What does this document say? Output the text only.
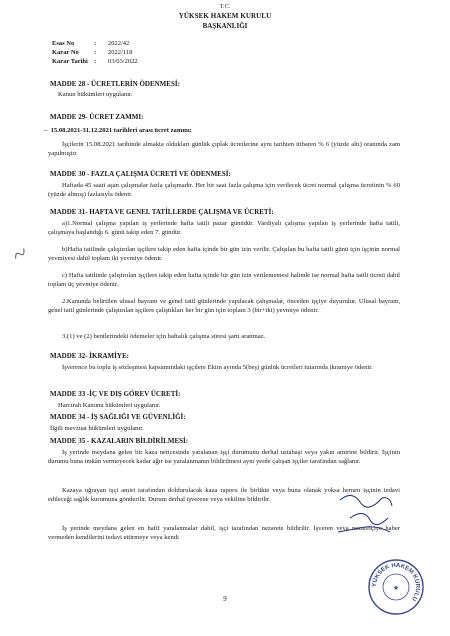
T.C.
YÜKSEK HAKEM KURULU
BAŞKANLIĞI
Esas No	: 2022/42
Karar No : 2022/118
Karar Tarihi : 03/03/2022
MADDE 28 - ÜCRETLERİN ÖDENMESİ:
Kanun hükümleri uygulanır.
MADDE 29- ÜCRET ZAMMI:
–  15.08.2021-31.12.2021 tarihleri arası ücret zammı:
İşçilerin 15.08.2021 tarihinde almakta oldukları günlük çıplak ücretlerine aynı tarihten itibaren % 6 (yüzde altı) oranında zam yapılmıştır.
MADDE 30 - FAZLA ÇALIŞMA ÜCRETİ VE ÖDENMESİ:
Haftada 45 saati aşan çalışmalar fazla çalışmadır. Her bir saat fazla çalışma için verilecek ücret normal çalışma ücretinin % 60 (yüzde altmış) fazlasıyla ödenir.
MADDE 31- HAFTA VE GENEL TATİLLERDE ÇALIŞMA VE ÜCRETİ:
a)1.Normal çalışma yapılan iş yerlerinde hafta tatili pazar günüdür. Vardiyalı çalışma yapılan iş yerlerinde hafta tatili, çalışmaya başlandığı 6. günü takip eden 7. gündür.
b)Hafta tatilinde çalıştırılan işçilere takip eden hafta içinde bir gün izin verilir. Çalışılan bu hafta tatili günü için işçinin normal yevmiyesi dahil toplam iki yevmiye ödenir.
c) Hafta tatilinde çalıştırılan işçilere takip eden hafta içinde bir gün izin verilememesi halinde ise normal hafta tatili ücreti dahil toplam üç yevmiye ödenir.
2.Kanunda belirtilen ulusal bayram ve genel tatil günlerinde yapılacak çalışmalar, önceden işçiye duyurulur. Ulusal bayram, genel tatil günlerinde çalıştırılan işçilere çalıştıkları her bir gün için toplam 3 (bir+iki) yevmiye ödenir.
3.(1) ve (2) bentlerindeki ödemeler için haftalık çalışma süresi şartı aranmaz.
MADDE 32- İKRAMİYE:
İşverence bu toplu iş sözleşmesi kapsamındaki işçilere Ekim ayında 5(beş) günlük ücretleri tutarında ikramiye ödenir.
MADDE 33 -İÇ VE DIŞ GÖREV ÜCRETİ:
Harcırah Kanunu hükümleri uygulanır.
MADDE 34 - İŞ SAĞLIĞI VE GÜVENLİĞİ:
İlgili mevzuat hükümleri uygulanır.
MADDE 35 - KAZALARIN BİLDİRİLMESİ:
İş yerinde meydana gelen bir kaza neticesinde yaralanan işçi durumunu derhal ustabaşı veya yakın amirine bildirir. İşçinin durumu buna imkân vermeyecek kadar ağır ise yaralanmanın bildirilmesi aynı yerde çalışan işçiler tarafından sağlanır.
Kazaya uğrayan işçi amiri tarafından doldurulacak kaza raporu ile birlikte veya buna olanak yoksa hemen işçinin tedavi edileceği sağlık kurumuna gönderilir. Durum derhal işverene veya vekiline bildirilir.
İş yerinde meydana gelen en hafif yaralanmalar dahil, işçi tarafından nezarete bildirilir. İşveren veya nezaretçiye haber vermeden kendilerini tedavi ettirmeye veya kendi
9
YÜKSEK HAKEM KURULU
★
